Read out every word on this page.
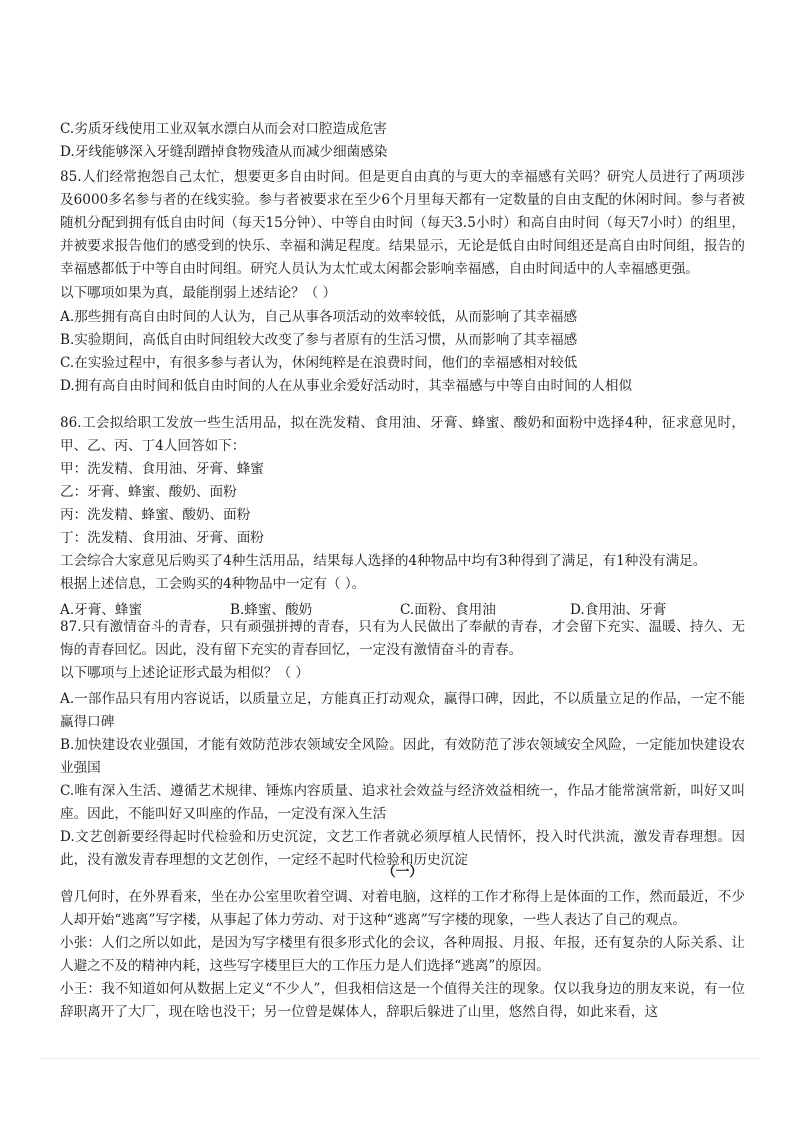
C.劣质牙线使用工业双氧水漂白从而会对口腔造成危害
D.牙线能够深入牙缝刮蹭掉食物残渣从而减少细菌感染
85.人们经常抱怨自己太忙，想要更多自由时间。但是更自由真的与更大的幸福感有关吗？研究人员进行了两项涉及6000多名参与者的在线实验。参与者被要求在至少6个月里每天都有一定数量的自由支配的休闲时间。参与者被随机分配到拥有低自由时间（每天15分钟）、中等自由时间（每天3.5小时）和高自由时间（每天7小时）的组里，并被要求报告他们的感受到的快乐、幸福和满足程度。结果显示，无论是低自由时间组还是高自由时间组，报告的幸福感都低于中等自由时间组。研究人员认为太忙或太闲都会影响幸福感，自由时间适中的人幸福感更强。
以下哪项如果为真，最能削弱上述结论？（ ）
A.那些拥有高自由时间的人认为，自己从事各项活动的效率较低，从而影响了其幸福感
B.实验期间，高低自由时间组较大改变了参与者原有的生活习惯，从而影响了其幸福感
C.在实验过程中，有很多参与者认为，休闲纯粹是在浪费时间，他们的幸福感相对较低
D.拥有高自由时间和低自由时间的人在从事业余爱好活动时，其幸福感与中等自由时间的人相似
86.工会拟给职工发放一些生活用品，拟在洗发精、食用油、牙膏、蜂蜜、酸奶和面粉中选择4种，征求意见时，甲、乙、丙、丁4人回答如下：
甲：洗发精、食用油、牙膏、蜂蜜
乙：牙膏、蜂蜜、酸奶、面粉
丙：洗发精、蜂蜜、酸奶、面粉
丁：洗发精、食用油、牙膏、面粉
工会综合大家意见后购买了4种生活用品，结果每人选择的4种物品中均有3种得到了满足，有1种没有满足。
根据上述信息，工会购买的4种物品中一定有（ ）。
A.牙膏、蜂蜜	B.蜂蜜、酸奶	C.面粉、食用油	D.食用油、牙膏
87.只有激情奋斗的青春，只有顽强拼搏的青春，只有为人民做出了奉献的青春，才会留下充实、温暖、持久、无悔的青春回忆。因此，没有留下充实的青春回忆，一定没有激情奋斗的青春。
以下哪项与上述论证形式最为相似？（ ）
A.一部作品只有用内容说话，以质量立足，方能真正打动观众，赢得口碑，因此，不以质量立足的作品，一定不能赢得口碑
B.加快建设农业强国，才能有效防范涉农领域安全风险。因此，有效防范了涉农领域安全风险，一定能加快建设农业强国
C.唯有深入生活、遵循艺术规律、锤炼内容质量、追求社会效益与经济效益相统一，作品才能常演常新，叫好又叫座。因此，不能叫好又叫座的作品，一定没有深入生活
D.文艺创新要经得起时代检验和历史沉淀，文艺工作者就必须厚植人民情怀，投入时代洪流，激发青春理想。因此，没有激发青春理想的文艺创作，一定经不起时代检验和历史沉淀
（一）
曾几何时，在外界看来，坐在办公室里吹着空调、对着电脑，这样的工作才称得上是体面的工作，然而最近，不少人却开始“逃离”写字楼，从事起了体力劳动、对于这种“逃离”写字楼的现象，一些人表达了自己的观点。
小张：人们之所以如此，是因为写字楼里有很多形式化的会议，各种周报、月报、年报，还有复杂的人际关系、让人避之不及的精神内耗，这些写字楼里巨大的工作压力是人们选择“逃离”的原因。
小王：我不知道如何从数据上定义“不少人”，但我相信这是一个值得关注的现象。仅以我身边的朋友来说，有一位辞职离开了大厂，现在啥也没干；另一位曾是媒体人，辞职后躲进了山里，悠然自得，如此来看，这
